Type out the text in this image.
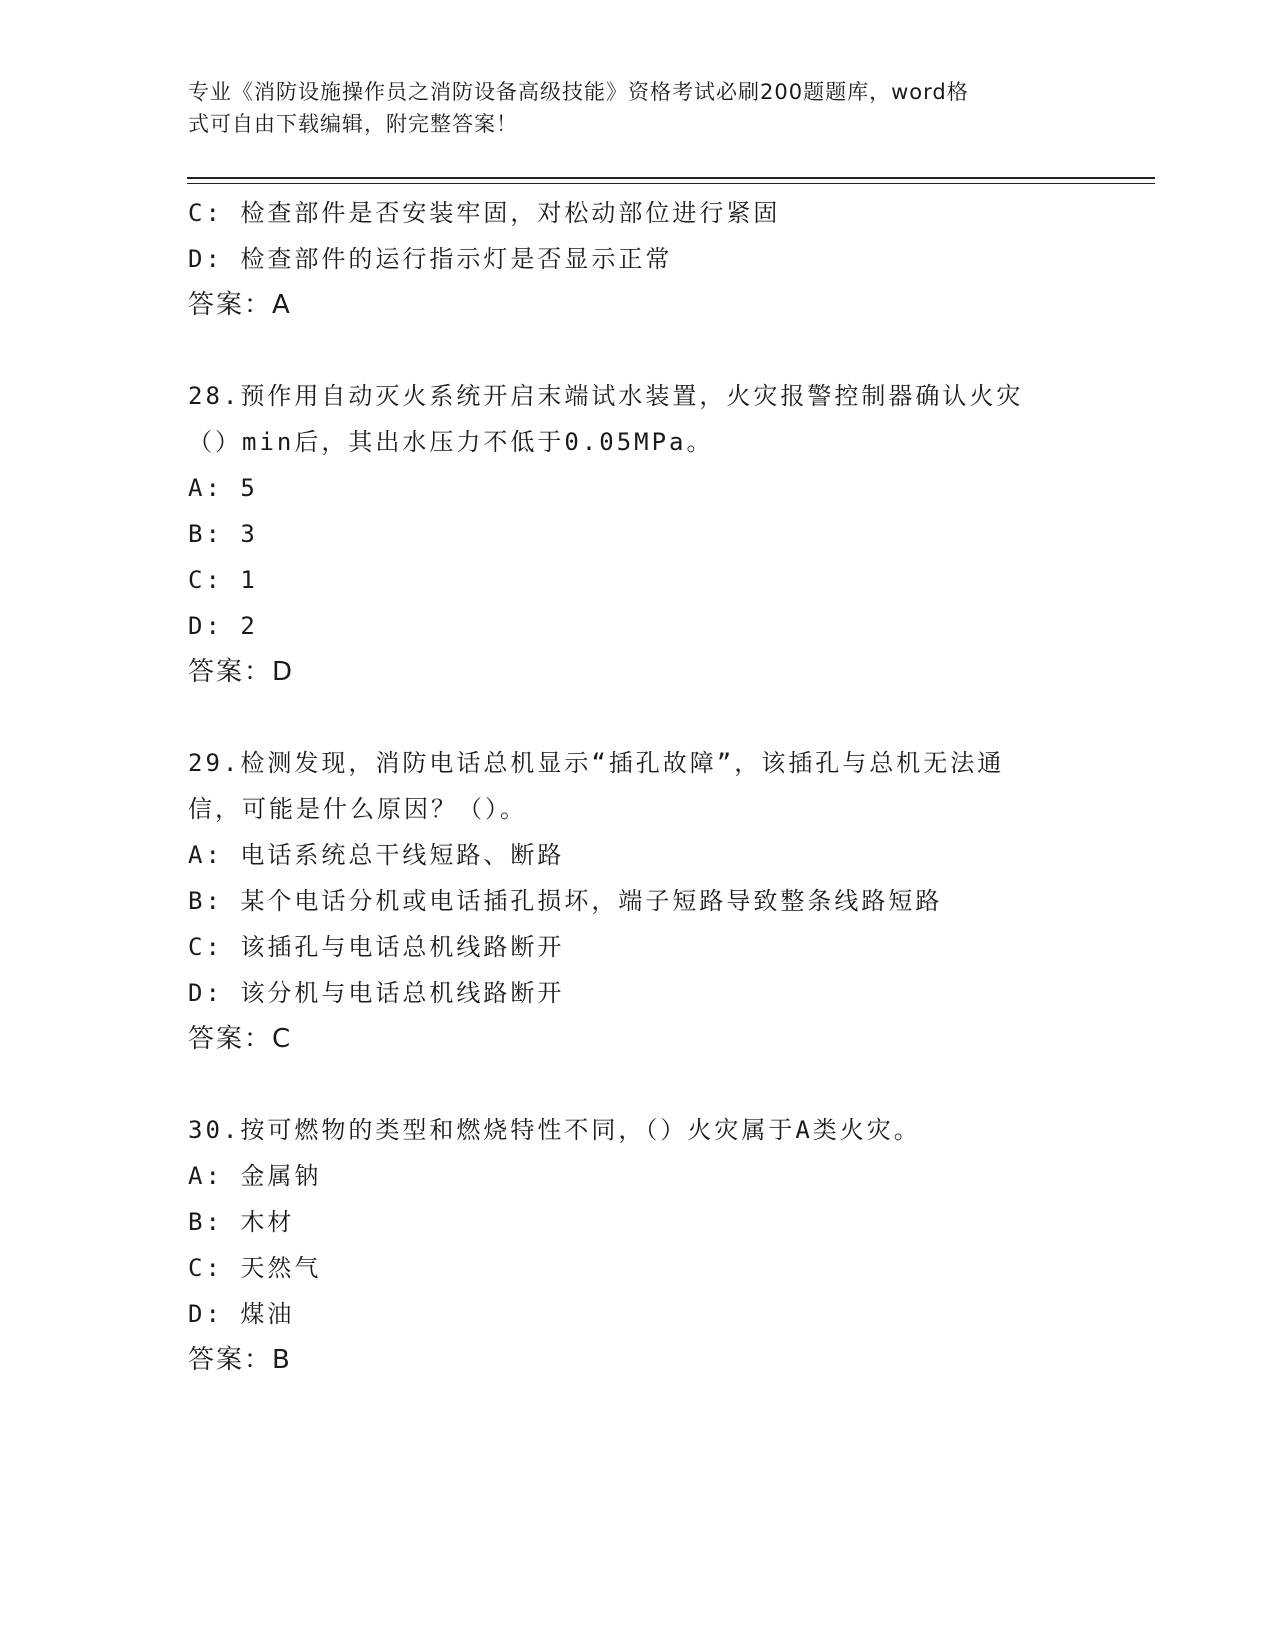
专业《消防设施操作员之消防设备高级技能》资格考试必刷200题题库，word格
式可自由下载编辑，附完整答案！
C: 检查部件是否安装牢固，对松动部位进行紧固
D: 检查部件的运行指示灯是否显示正常
答案：A
28.预作用自动灭火系统开启末端试水装置，火灾报警控制器确认火灾
（）min后，其出水压力不低于0.05MPa。
A: 5
B: 3
C: 1
D: 2
答案：D
29.检测发现，消防电话总机显示“插孔故障”，该插孔与总机无法通
信，可能是什么原因？（）。
A: 电话系统总干线短路、断路
B: 某个电话分机或电话插孔损坏，端子短路导致整条线路短路
C: 该插孔与电话总机线路断开
D: 该分机与电话总机线路断开
答案：C
30.按可燃物的类型和燃烧特性不同，（）火灾属于A类火灾。
A: 金属钠
B: 木材
C: 天然气
D: 煤油
答案：B
